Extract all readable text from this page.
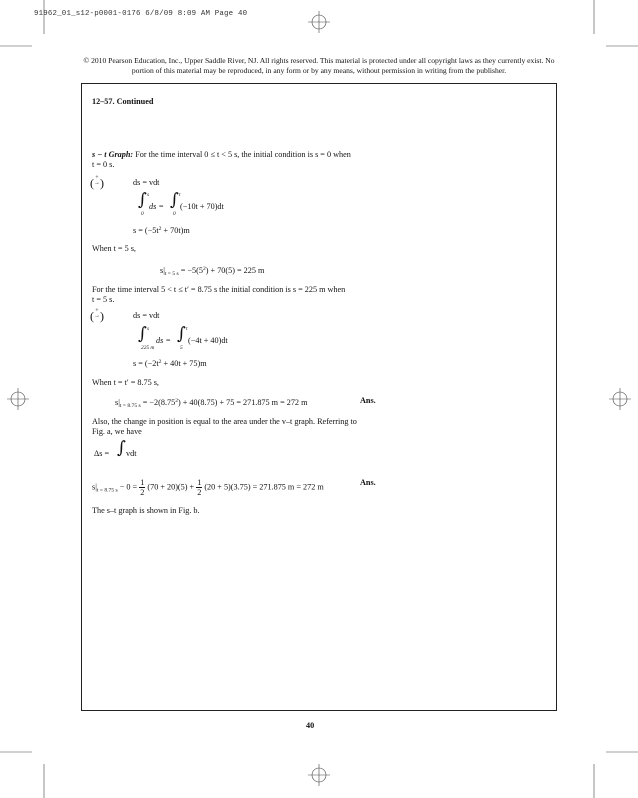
91962_01_s12-p0001-0176 6/8/09 8:09 AM Page 40
© 2010 Pearson Education, Inc., Upper Saddle River, NJ. All rights reserved. This material is protected under all copyright laws as they currently exist. No portion of this material may be reproduced, in any form or by any means, without permission in writing from the publisher.
12–57. Continued
s − t Graph: For the time interval 0 ≤ t < 5 s, the initial condition is s = 0 when
t = 0 s.
(+
→)	ds = vdt
∫ s
0
ds = ∫ t
0
(−10t + 70)dt
$s = (-5t^2 + 70t)m$
When t = 5 s,
$s|_{t = 5 s} = -5(5^2) + 70(5) = 225$ m
For the time interval 5 < t ≤ t′ = 8.75 s the initial condition is s = 225 m when
t = 5 s.
(+
→)	ds = vdt
∫ s
225 m
ds = ∫ t
5
(−4t + 40)dt
$s = (-2t^2 + 40t + 75)m$
When t = t′ = 8.75 s,
$s|_{t = 8.75 s} = -2(8.75^2) + 40(8.75) + 75 = 271.875$ m = 272 m	Ans.
Also, the change in position is equal to the area under the v–t graph. Referring to
Fig. a, we have
Δs = ∫ vdt
$s|_{t = 8.75 s} - 0 = \frac{1}{2} (70 + 20)(5) + \frac{1}{2} (20 + 5)(3.75) = 271.875$ m = 272 m	Ans.
The s–t graph is shown in Fig. b.
40
